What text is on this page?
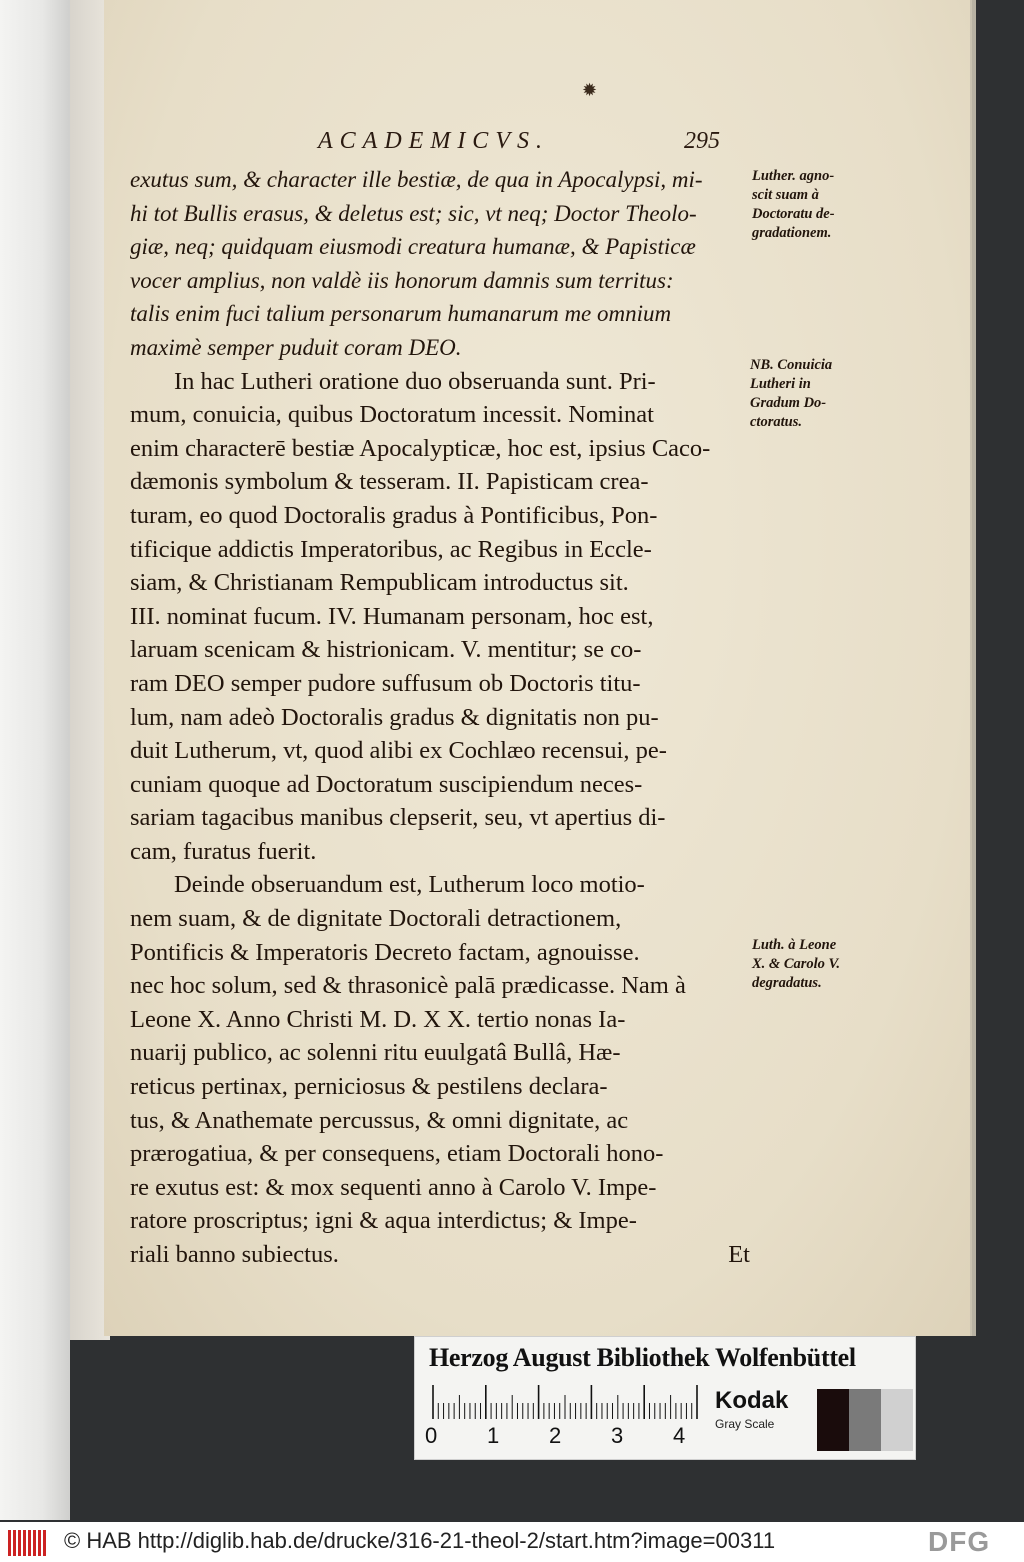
✹
ACADEMICVS.	295
exutus sum, & character ille bestiæ, de qua in Apocalypsi, mi-
hi tot Bullis erasus, & deletus est; sic, vt neq; Doctor Theolo-
giæ, neq; quidquam eiusmodi creatura humanæ, & Papisticæ
vocer amplius, non valdè iis honorum damnis sum territus:
talis enim fuci talium personarum humanarum me omnium
maximè semper puduit coram DEO.
In hac Lutheri oratione duo obseruanda sunt. Pri-
mum, conuicia, quibus Doctoratum incessit. Nominat
enim characterē bestiæ Apocalypticæ, hoc est, ipsius Caco-
dæmonis symbolum & tesseram. II. Papisticam crea-
turam, eo quod Doctoralis gradus à Pontificibus, Pon-
tificique addictis Imperatoribus, ac Regibus in Eccle-
siam, & Christianam Rempublicam introductus sit.
III. nominat fucum. IV. Humanam personam, hoc est,
laruam scenicam & histrionicam. V. mentitur; se co-
ram DEO semper pudore suffusum ob Doctoris titu-
lum, nam adeò Doctoralis gradus & dignitatis non pu-
duit Lutherum, vt, quod alibi ex Cochlæo recensui, pe-
cuniam quoque ad Doctoratum suscipiendum neces-
sariam tagacibus manibus clepserit, seu, vt apertius di-
cam, furatus fuerit.
Deinde obseruandum est, Lutherum loco motio-
nem suam, & de dignitate Doctorali detractionem,
Pontificis & Imperatoris Decreto factam, agnouisse.
nec hoc solum, sed & thrasonicè palā prædicasse. Nam à
Leone X. Anno Christi M. D. X X. tertio nonas Ia-
nuarij publico, ac solenni ritu euulgatâ Bullâ, Hæ-
reticus pertinax, perniciosus & pestilens declara-
tus, & Anathemate percussus, & omni dignitate, ac
prærogatiua, & per consequens, etiam Doctorali hono-
re exutus est: & mox sequenti anno à Carolo V. Impe-
ratore proscriptus; igni & aqua interdictus; & Impe-
riali banno subiectus.	Et
Luther. agno-
scit suam à
Doctoratu de-
gradationem.
NB. Conuicia
Lutheri in
Gradum Do-
ctoratus.
Luth. à Leone
X. & Carolo V.
degradatus.
Herzog August Bibliothek Wolfenbüttel
0 1 2 3 4
Kodak
Gray Scale
© HAB http://diglib.hab.de/drucke/316-21-theol-2/start.htm?image=00311	DFG
